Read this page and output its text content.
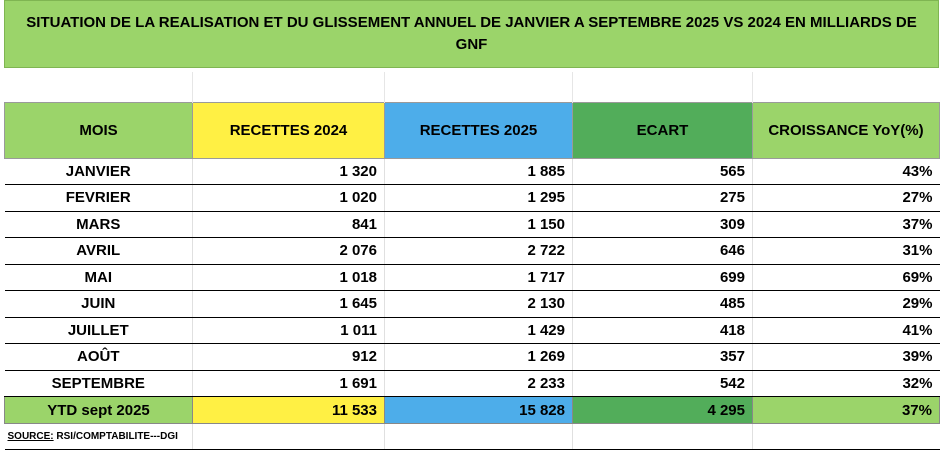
SITUATION DE LA REALISATION ET DU GLISSEMENT ANNUEL DE JANVIER A SEPTEMBRE 2025 VS 2024 EN MILLIARDS DE GNF

MOIS	RECETTES 2024	RECETTES 2025	ECART	CROISSANCE YoY(%)
JANVIER	1 320	1 885	565	43%
FEVRIER	1 020	1 295	275	27%
MARS	841	1 150	309	37%
AVRIL	2 076	2 722	646	31%
MAI	1 018	1 717	699	69%
JUIN	1 645	2 130	485	29%
JUILLET	1 011	1 429	418	41%
AOÛT	912	1 269	357	39%
SEPTEMBRE	1 691	2 233	542	32%
YTD sept 2025	11 533	15 828	4 295	37%
SOURCE: RSI/COMPTABILITE---DGI				
